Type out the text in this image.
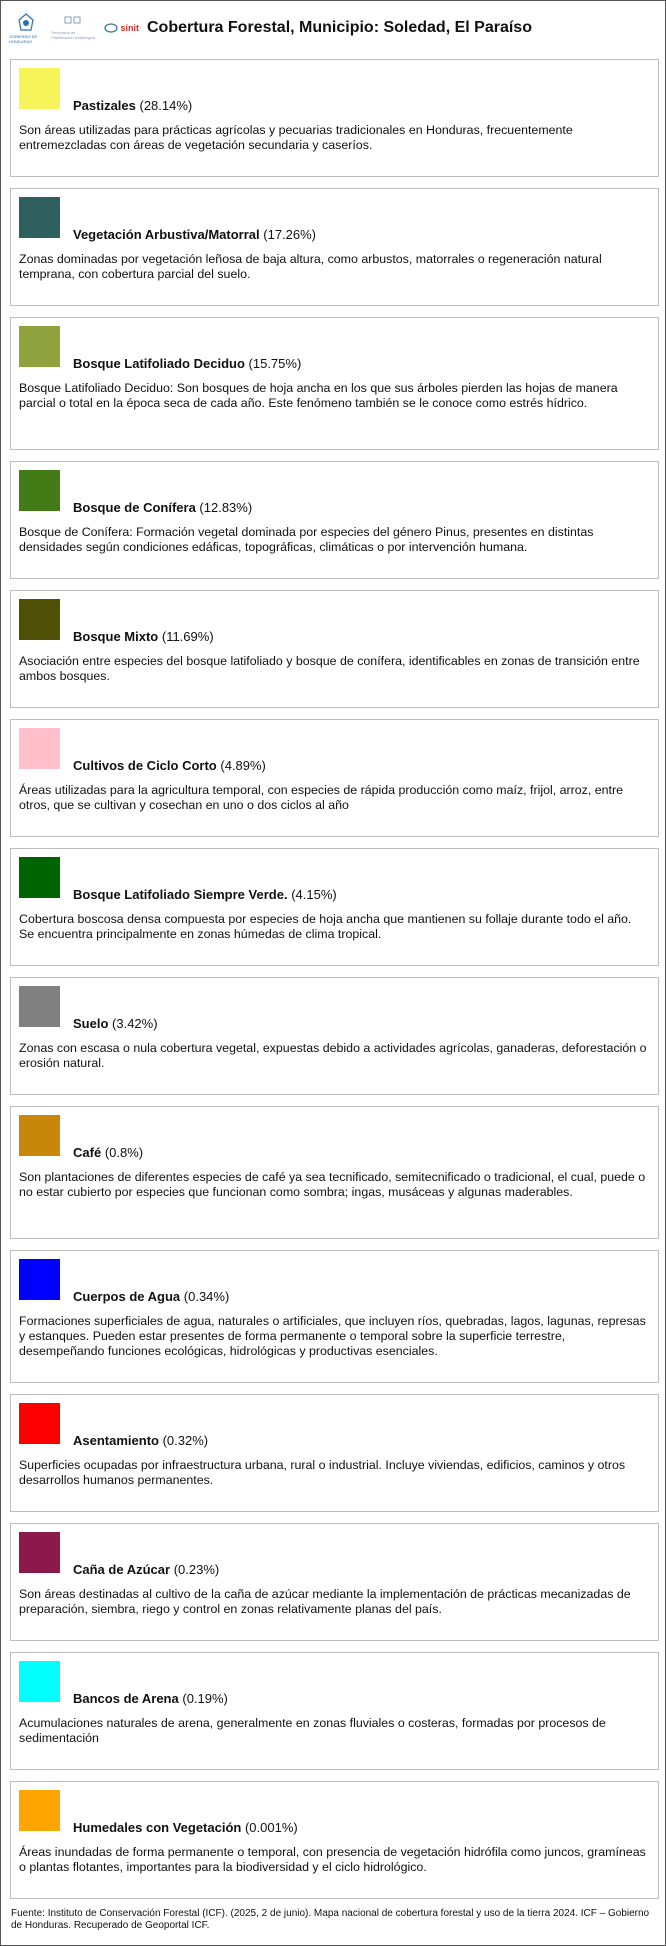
GOBIERNO DE HONDURAS
Secretaría de Planificación Estratégica
sinit Cobertura Forestal, Municipio: Soledad, El Paraíso
Pastizales (28.14%)
Son áreas utilizadas para prácticas agrícolas y pecuarias tradicionales en Honduras, frecuentemente entremezcladas con áreas de vegetación secundaria y caseríos.
Vegetación Arbustiva/Matorral (17.26%)
Zonas dominadas por vegetación leñosa de baja altura, como arbustos, matorrales o regeneración natural temprana, con cobertura parcial del suelo.
Bosque Latifoliado Deciduo (15.75%)
Bosque Latifoliado Deciduo: Son bosques de hoja ancha en los que sus árboles pierden las hojas de manera parcial o total en la época seca de cada año. Este fenómeno también se le conoce como estrés hídrico.
Bosque de Conífera (12.83%)
Bosque de Conífera: Formación vegetal dominada por especies del género Pinus, presentes en distintas densidades según condiciones edáficas, topográficas, climáticas o por intervención humana.
Bosque Mixto (11.69%)
Asociación entre especies del bosque latifoliado y bosque de conífera, identificables en zonas de transición entre ambos bosques.
Cultivos de Ciclo Corto (4.89%)
Áreas utilizadas para la agricultura temporal, con especies de rápida producción como maíz, frijol, arroz, entre otros, que se cultivan y cosechan en uno o dos ciclos al año
Bosque Latifoliado Siempre Verde. (4.15%)
Cobertura boscosa densa compuesta por especies de hoja ancha que mantienen su follaje durante todo el año. Se encuentra principalmente en zonas húmedas de clima tropical.
Suelo (3.42%)
Zonas con escasa o nula cobertura vegetal, expuestas debido a actividades agrícolas, ganaderas, deforestación o erosión natural.
Café (0.8%)
Son plantaciones de diferentes especies de café ya sea tecnificado, semitecnificado o tradicional, el cual, puede o no estar cubierto por especies que funcionan como sombra; ingas, musáceas y algunas maderables.
Cuerpos de Agua (0.34%)
Formaciones superficiales de agua, naturales o artificiales, que incluyen ríos, quebradas, lagos, lagunas, represas y estanques. Pueden estar presentes de forma permanente o temporal sobre la superficie terrestre, desempeñando funciones ecológicas, hidrológicas y productivas esenciales.
Asentamiento (0.32%)
Superficies ocupadas por infraestructura urbana, rural o industrial. Incluye viviendas, edificios, caminos y otros desarrollos humanos permanentes.
Caña de Azúcar (0.23%)
Son áreas destinadas al cultivo de la caña de azúcar mediante la implementación de prácticas mecanizadas de preparación, siembra, riego y control en zonas relativamente planas del país.
Bancos de Arena (0.19%)
Acumulaciones naturales de arena, generalmente en zonas fluviales o costeras, formadas por procesos de sedimentación
Humedales con Vegetación (0.001%)
Áreas inundadas de forma permanente o temporal, con presencia de vegetación hidrófila como juncos, gramíneas o plantas flotantes, importantes para la biodiversidad y el ciclo hidrológico.
Fuente: Instituto de Conservación Forestal (ICF). (2025, 2 de junio). Mapa nacional de cobertura forestal y uso de la tierra 2024. ICF – Gobierno de Honduras. Recuperado de Geoportal ICF.
